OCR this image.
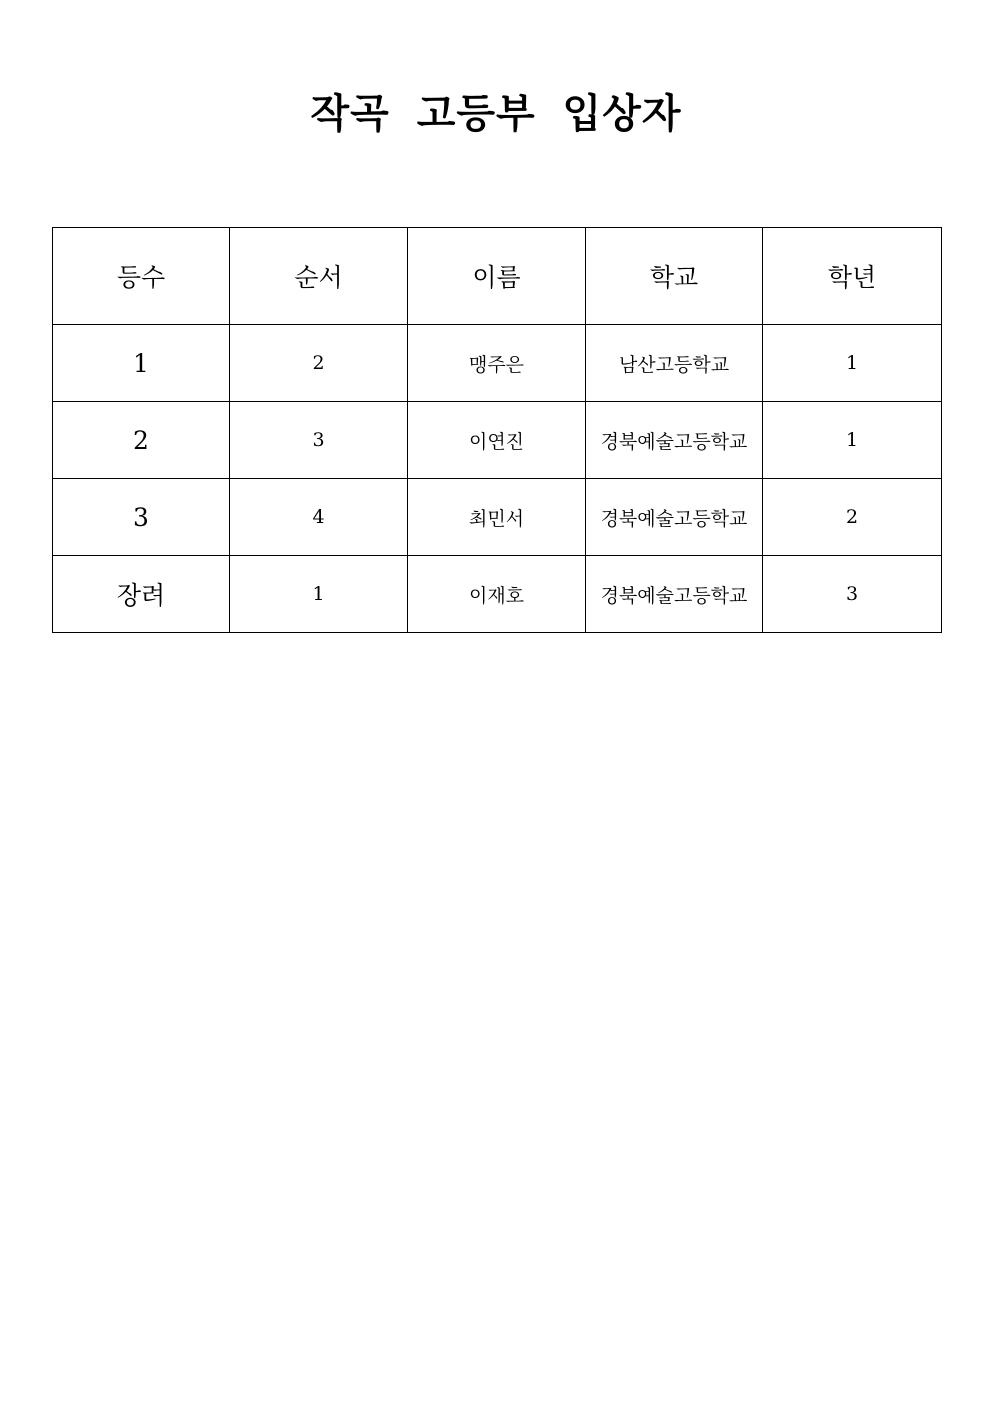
작곡 고등부 입상자
등수	순서	이름	학교	학년
1	2	맹주은	남산고등학교	1
2	3	이연진	경북예술고등학교	1
3	4	최민서	경북예술고등학교	2
장려	1	이재호	경북예술고등학교	3
